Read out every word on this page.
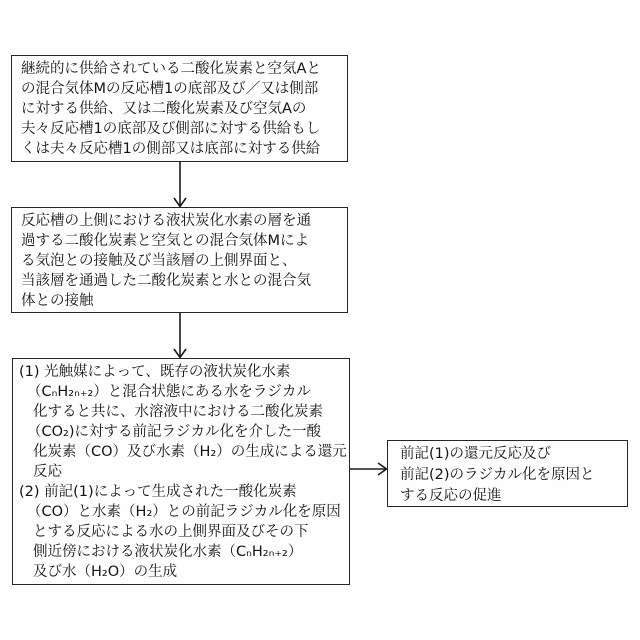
継続的に供給されている二酸化炭素と空気Aと
の混合気体Mの反応槽1の底部及び／又は側部
に対する供給、又は二酸化炭素及び空気Aの
夫々反応槽1の底部及び側部に対する供給もし
くは夫々反応槽1の側部又は底部に対する供給
反応槽の上側における液状炭化水素の層を通
過する二酸化炭素と空気との混合気体Mによ
る気泡との接触及び当該層の上側界面と、
当該層を通過した二酸化炭素と水との混合気
体との接触
(1) 光触媒によって、既存の液状炭化水素
（CₙH₂ₙ₊₂）と混合状態にある水をラジカル
化すると共に、水溶液中における二酸化炭素
（CO₂)に対する前記ラジカル化を介した一酸
化炭素（CO）及び水素（H₂）の生成による還元
反応
(2) 前記(1)によって生成された一酸化炭素
（CO）と水素（H₂）との前記ラジカル化を原因
とする反応による水の上側界面及びその下
側近傍における液状炭化水素（CₙH₂ₙ₊₂）
及び水（H₂O）の生成
前記(1)の還元反応及び
前記(2)のラジカル化を原因と
する反応の促進
